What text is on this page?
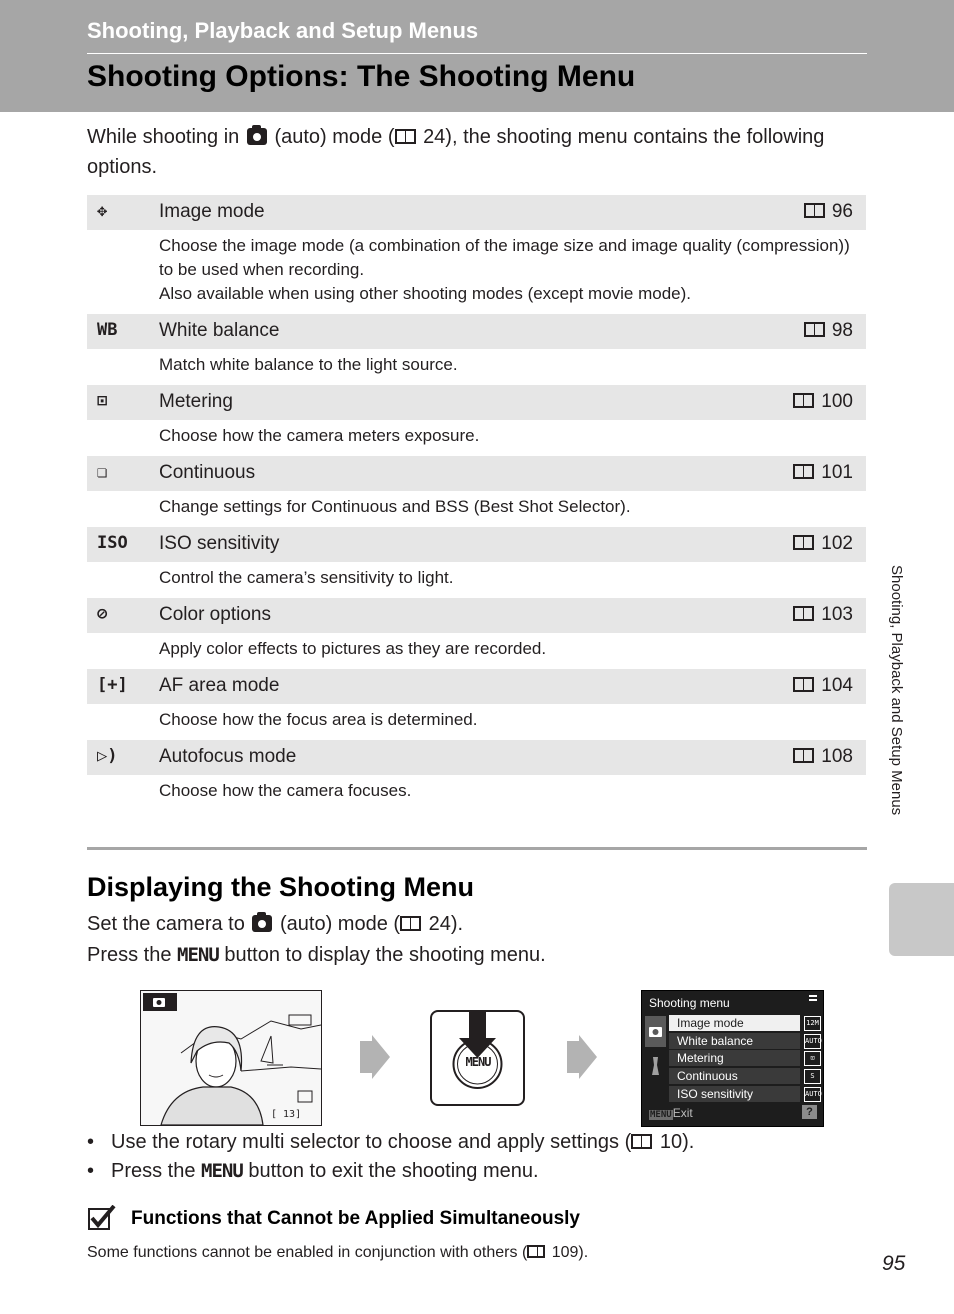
Shooting, Playback and Setup Menus
Shooting Options: The Shooting Menu
While shooting in (auto) mode ( 24), the shooting menu contains the following options.
✥	Image mode	96
Choose the image mode (a combination of the image size and image quality (compression)) to be used when recording.
Also available when using other shooting modes (except movie mode).
WB White balance	98
Match white balance to the light source.
⊡	Metering	100
Choose how the camera meters exposure.
❏	Continuous	101
Change settings for Continuous and BSS (Best Shot Selector).
ISO ISO sensitivity	102
Control the camera’s sensitivity to light.
⊘	Color options	103
Apply color effects to pictures as they are recorded.
[+] AF area mode	104
Choose how the focus area is determined.
▷) Autofocus mode	108
Choose how the camera focuses.
Displaying the Shooting Menu
Set the camera to (auto) mode ( 24).
Press the MENU button to display the shooting menu.
[ 13]
MENU
Shooting menu
Image mode
White balance
Metering
Continuous
ISO sensitivity
12M
AUTO
⊡
S
AUTO
MENUExit	?
• Use the rotary multi selector to choose and apply settings ( 10).
• Press the MENU button to exit the shooting menu.
Functions that Cannot be Applied Simultaneously
Some functions cannot be enabled in conjunction with others ( 109).
Shooting, Playback and Setup Menus
95
